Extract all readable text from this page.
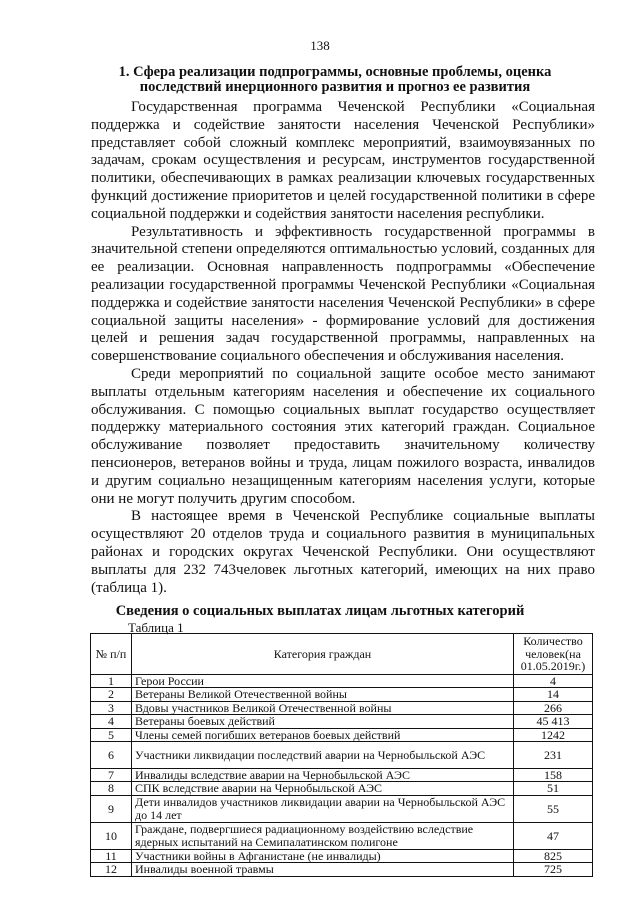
138
1. Сфера реализации подпрограммы, основные проблемы, оценка последствий инерционного развития и прогноз ее развития

Государственная программа Чеченской Республики «Социальная поддержка и содействие занятости населения Чеченской Республики» представляет собой сложный комплекс мероприятий, взаимоувязанных по задачам, срокам осуществления и ресурсам, инструментов государственной политики, обеспечивающих в рамках реализации ключевых государственных функций достижение приоритетов и целей государственной политики в сфере социальной поддержки и содействия занятости населения республики.

Результативность и эффективность государственной программы в значительной степени определяются оптимальностью условий, созданных для ее реализации. Основная направленность подпрограммы «Обеспечение реализации государственной программы Чеченской Республики «Социальная поддержка и содействие занятости населения Чеченской Республики» в сфере социальной защиты населения» - формирование условий для достижения целей и решения задач государственной программы, направленных на совершенствование социального обеспечения и обслуживания населения.

Среди мероприятий по социальной защите особое место занимают выплаты отдельным категориям населения и обеспечение их социального обслуживания. С помощью социальных выплат государство осуществляет поддержку материального состояния этих категорий граждан. Социальное обслуживание позволяет предоставить значительному количеству пенсионеров, ветеранов войны и труда, лицам пожилого возраста, инвалидов и другим социально незащищенным категориям населения услуги, которые они не могут получить другим способом.

В настоящее время в Чеченской Республике социальные выплаты осуществляют 20 отделов труда и социального развития в муниципальных районах и городских округах Чеченской Республики. Они осуществляют выплаты для 232 743человек льготных категорий, имеющих на них право (таблица 1).

Сведения о социальных выплатах лицам льготных категорий
Таблица 1
№ п/п	Категория граждан	Количество человек(на 01.05.2019г.)
1	Герои России	4
2	Ветераны Великой Отечественной войны	14
3	Вдовы участников Великой Отечественной войны	266
4	Ветераны боевых действий	45 413
5	Члены семей погибших ветеранов боевых действий	1242
6	Участники ликвидации последствий аварии на Чернобыльской АЭС	231
7	Инвалиды вследствие аварии на Чернобыльской АЭС	158
8	СПК вследствие аварии на Чернобыльской АЭС	51
9	Дети инвалидов участников ликвидации аварии на Чернобыльской АЭС до 14 лет	55
10	Граждане, подвергшиеся радиационному воздействию вследствие ядерных испытаний на Семипалатинском полигоне	47
11	Участники войны в Афганистане (не инвалиды)	825
12	Инвалиды военной травмы	725
